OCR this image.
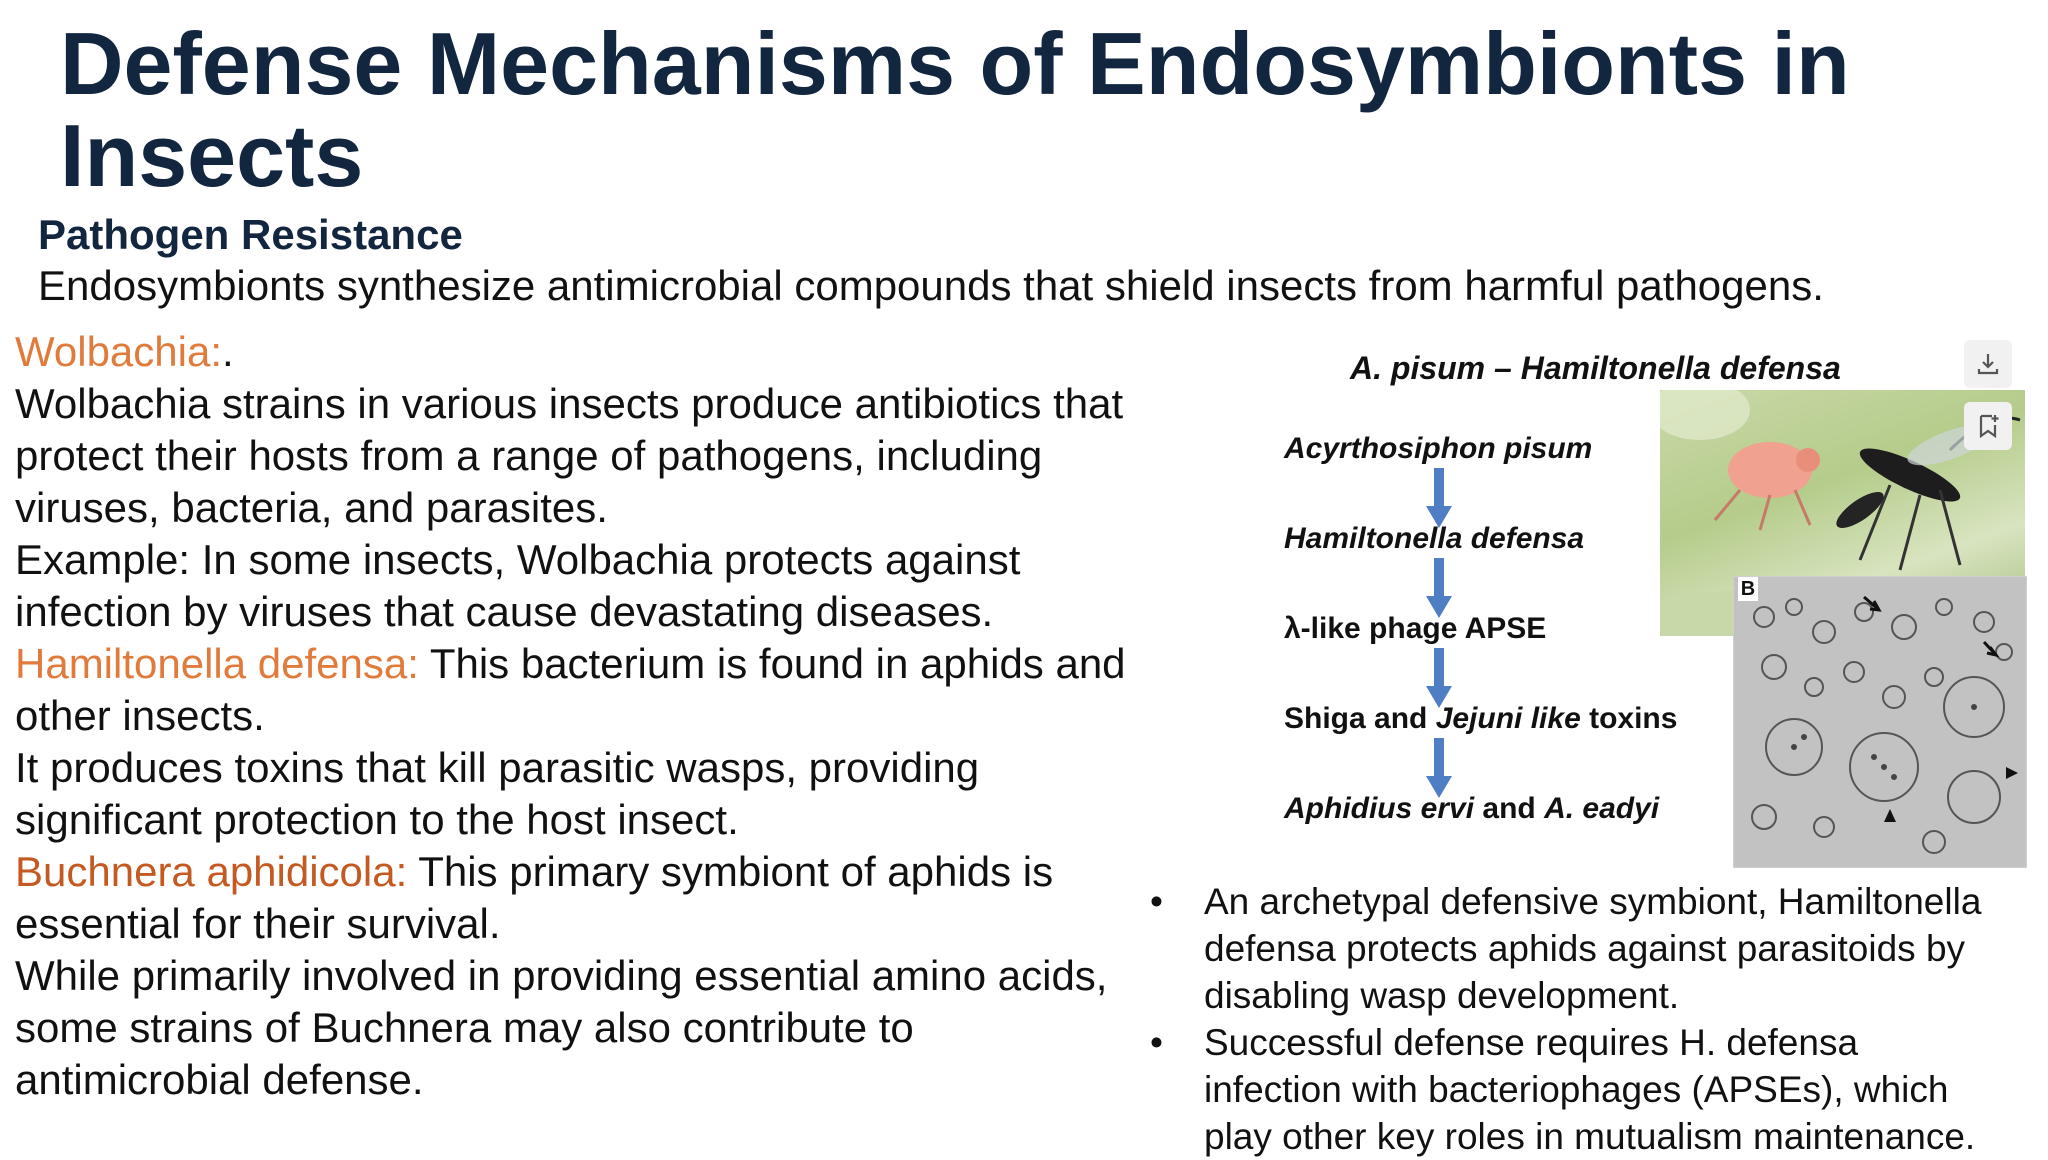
Defense Mechanisms of Endosymbionts in Insects
Pathogen Resistance
Endosymbionts synthesize antimicrobial compounds that shield insects from harmful pathogens.
Wolbachia:.
Wolbachia strains in various insects produce antibiotics that
protect their hosts from a range of pathogens, including
viruses, bacteria, and parasites.
Example: In some insects, Wolbachia protects against
infection by viruses that cause devastating diseases.
Hamiltonella defensa: This bacterium is found in aphids and
other insects.
It produces toxins that kill parasitic wasps, providing
significant protection to the host insect.
Buchnera aphidicola: This primary symbiont of aphids is
essential for their survival.
While primarily involved in providing essential amino acids,
some strains of Buchnera may also contribute to
antimicrobial defense.
A. pisum – Hamiltonella defensa
B
Acyrthosiphon pisum
Hamiltonella defensa
λ-like phage APSE
Shiga and Jejuni like toxins
Aphidius ervi and A. eadyi
•	An archetypal defensive symbiont, Hamiltonella
defensa protects aphids against parasitoids by
disabling wasp development.
•	Successful defense requires H. defensa
infection with bacteriophages (APSEs), which
play other key roles in mutualism maintenance.
